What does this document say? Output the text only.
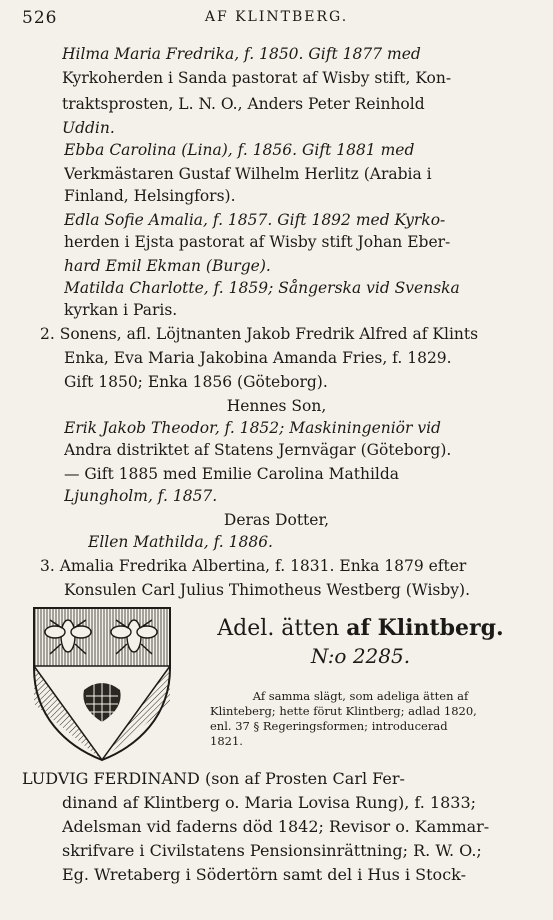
526	AF KLINTBERG.
Hilma Maria Fredrika, f. 1850. Gift 1877 med
Kyrkoherden i Sanda pastorat af Wisby stift, Kon-
traktsprosten, L. N. O., Anders Peter Reinhold
Uddin.
Ebba Carolina (Lina), f. 1856. Gift 1881 med
Verkmästaren Gustaf Wilhelm Herlitz (Arabia i
Finland, Helsingfors).
Edla Sofie Amalia, f. 1857. Gift 1892 med Kyrko-
herden i Ejsta pastorat af Wisby stift Johan Eber-
hard Emil Ekman (Burge).
Matilda Charlotte, f. 1859; Sångerska vid Svenska
kyrkan i Paris.
2. Sonens, afl. Löjtnanten Jakob Fredrik Alfred af Klints
Enka, Eva Maria Jakobina Amanda Fries, f. 1829.
Gift 1850; Enka 1856 (Göteborg).
Hennes Son,
Erik Jakob Theodor, f. 1852; Maskiningeniör vid
Andra distriktet af Statens Jernvägar (Göteborg).
— Gift 1885 med Emilie Carolina Mathilda
Ljungholm, f. 1857.
Deras Dotter,
Ellen Mathilda, f. 1886.
3. Amalia Fredrika Albertina, f. 1831. Enka 1879 efter
Konsulen Carl Julius Thimotheus Westberg (Wisby).
Adel. ätten af Klintberg.
N:o 2285.
Af samma slägt, som adeliga ätten af
Klinteberg; hette förut Klintberg; adlad 1820,
enl. 37 § Regeringsformen; introducerad
1821.
LUDVIG FERDINAND (son af Prosten Carl Fer-
dinand af Klintberg o. Maria Lovisa Rung), f. 1833;
Adelsman vid faderns död 1842; Revisor o. Kammar-
skrifvare i Civilstatens Pensionsinrättning; R. W. O.;
Eg. Wretaberg i Södertörn samt del i Hus i Stock-
